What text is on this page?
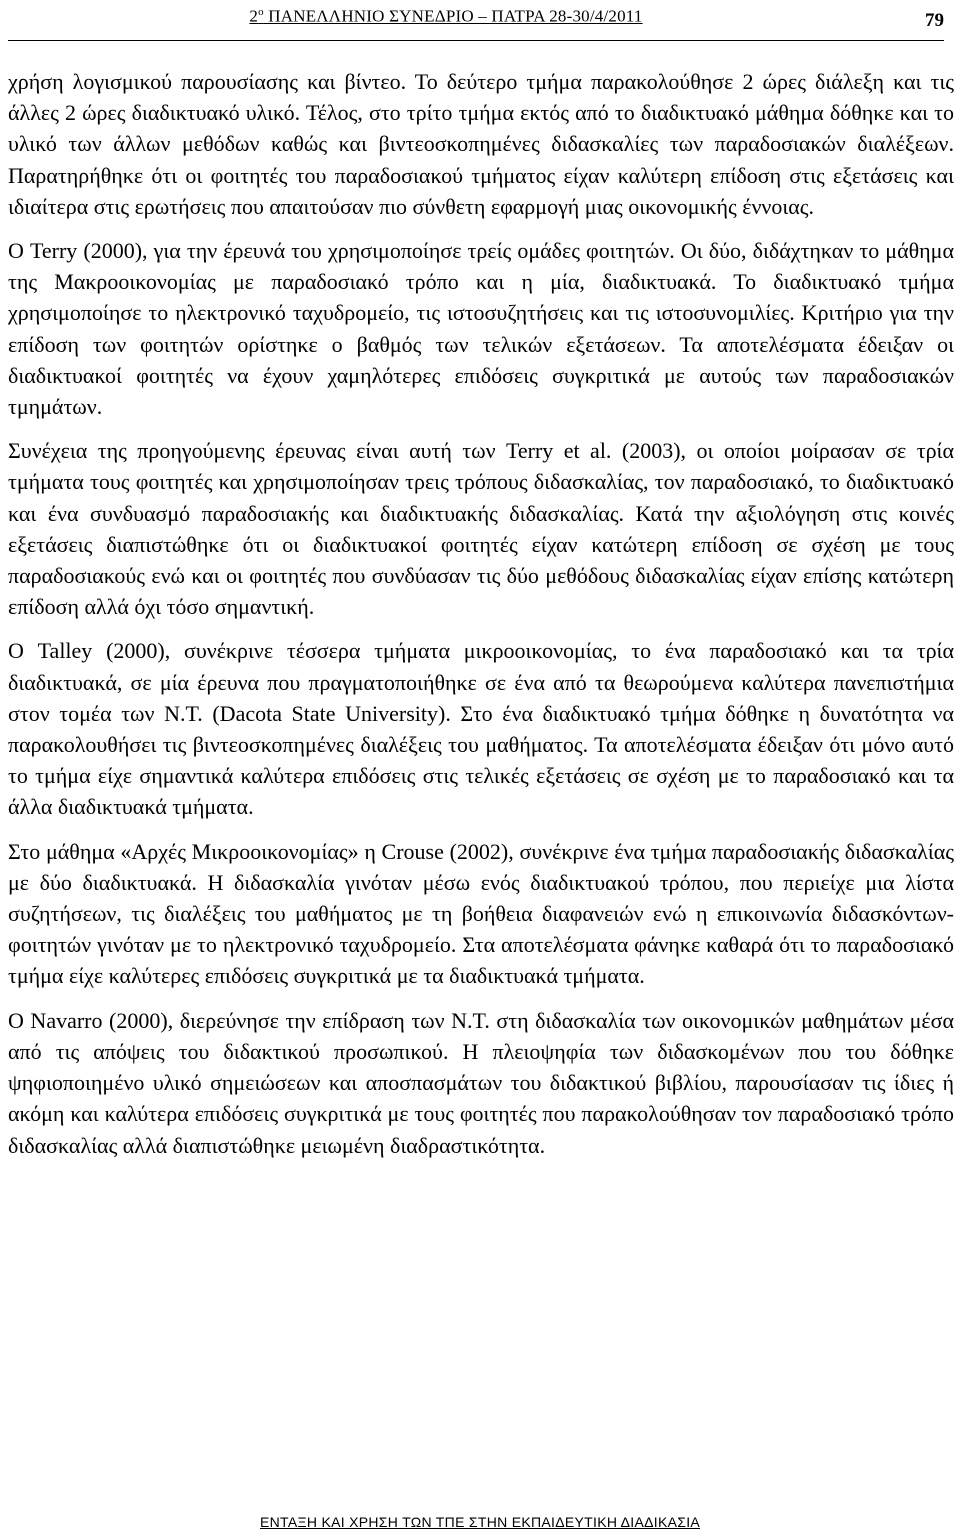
$2^o$ ΠΑΝΕΛΛΗΝΙΟ ΣΥΝΕΔΡΙΟ – ΠΑΤΡΑ 28-30/4/2011	79

χρήση λογισμικού παρουσίασης και βίντεο. Το δεύτερο τμήμα παρακολούθησε 2 ώρες διάλεξη και τις άλλες 2 ώρες διαδικτυακό υλικό. Τέλος, στο τρίτο τμήμα εκτός από το διαδικτυακό μάθημα δόθηκε και το υλικό των άλλων μεθόδων καθώς και βιντεοσκοπημένες διδασκαλίες των παραδοσιακών διαλέξεων. Παρατηρήθηκε ότι οι φοιτητές του παραδοσιακού τμήματος είχαν καλύτερη επίδοση στις εξετάσεις και ιδιαίτερα στις ερωτήσεις που απαιτούσαν πιο σύνθετη εφαρμογή μιας οικονομικής έννοιας.

Ο Terry (2000), για την έρευνά του χρησιμοποίησε τρείς ομάδες φοιτητών. Οι δύο, διδάχτηκαν το μάθημα της Μακροοικονομίας με παραδοσιακό τρόπο και η μία, διαδικτυακά. Το διαδικτυακό τμήμα χρησιμοποίησε το ηλεκτρονικό ταχυδρομείο, τις ιστοσυζητήσεις και τις ιστοσυνομιλίες. Κριτήριο για την επίδοση των φοιτητών ορίστηκε ο βαθμός των τελικών εξετάσεων. Τα αποτελέσματα έδειξαν οι διαδικτυακοί φοιτητές να έχουν χαμηλότερες επιδόσεις συγκριτικά με αυτούς των παραδοσιακών τμημάτων.

Συνέχεια της προηγούμενης έρευνας είναι αυτή των Terry et al. (2003), οι οποίοι μοίρασαν σε τρία τμήματα τους φοιτητές και χρησιμοποίησαν τρεις τρόπους διδασκαλίας, τον παραδοσιακό, το διαδικτυακό και ένα συνδυασμό παραδοσιακής και διαδικτυακής διδασκαλίας. Κατά την αξιολόγηση στις κοινές εξετάσεις διαπιστώθηκε ότι οι διαδικτυακοί φοιτητές είχαν κατώτερη επίδοση σε σχέση με τους παραδοσιακούς ενώ και οι φοιτητές που συνδύασαν τις δύο μεθόδους διδασκαλίας είχαν επίσης κατώτερη επίδοση αλλά όχι τόσο σημαντική.

Ο Talley (2000), συνέκρινε τέσσερα τμήματα μικροοικονομίας, το ένα παραδοσιακό και τα τρία διαδικτυακά, σε μία έρευνα που πραγματοποιήθηκε σε ένα από τα θεωρούμενα καλύτερα πανεπιστήμια στον τομέα των Ν.Τ. (Dacota State University). Στο ένα διαδικτυακό τμήμα δόθηκε η δυνατότητα να παρακολουθήσει τις βιντεοσκοπημένες διαλέξεις του μαθήματος. Τα αποτελέσματα έδειξαν ότι μόνο αυτό το τμήμα είχε σημαντικά καλύτερα επιδόσεις στις τελικές εξετάσεις σε σχέση με το παραδοσιακό και τα άλλα διαδικτυακά τμήματα.

Στο μάθημα «Αρχές Μικροοικονομίας» η Crouse (2002), συνέκρινε ένα τμήμα παραδοσιακής διδασκαλίας με δύο διαδικτυακά. Η διδασκαλία γινόταν μέσω ενός διαδικτυακού τρόπου, που περιείχε μια λίστα συζητήσεων, τις διαλέξεις του μαθήματος με τη βοήθεια διαφανειών ενώ η επικοινωνία διδασκόντων-φοιτητών γινόταν με το ηλεκτρονικό ταχυδρομείο. Στα αποτελέσματα φάνηκε καθαρά ότι το παραδοσιακό τμήμα είχε καλύτερες επιδόσεις συγκριτικά με τα διαδικτυακά τμήματα.

Ο Navarro (2000), διερεύνησε την επίδραση των Ν.Τ. στη διδασκαλία των οικονομικών μαθημάτων μέσα από τις απόψεις του διδακτικού προσωπικού. Η πλειοψηφία των διδασκομένων που του δόθηκε ψηφιοποιημένο υλικό σημειώσεων και αποσπασμάτων του διδακτικού βιβλίου, παρουσίασαν τις ίδιες ή ακόμη και καλύτερα επιδόσεις συγκριτικά με τους φοιτητές που παρακολούθησαν τον παραδοσιακό τρόπο διδασκαλίας αλλά διαπιστώθηκε μειωμένη διαδραστικότητα.

ΕΝΤΑΞΗ ΚΑΙ ΧΡΗΣΗ ΤΩΝ ΤΠΕ ΣΤΗΝ ΕΚΠΑΙΔΕΥΤΙΚΗ ΔΙΑΔΙΚΑΣΙΑ
